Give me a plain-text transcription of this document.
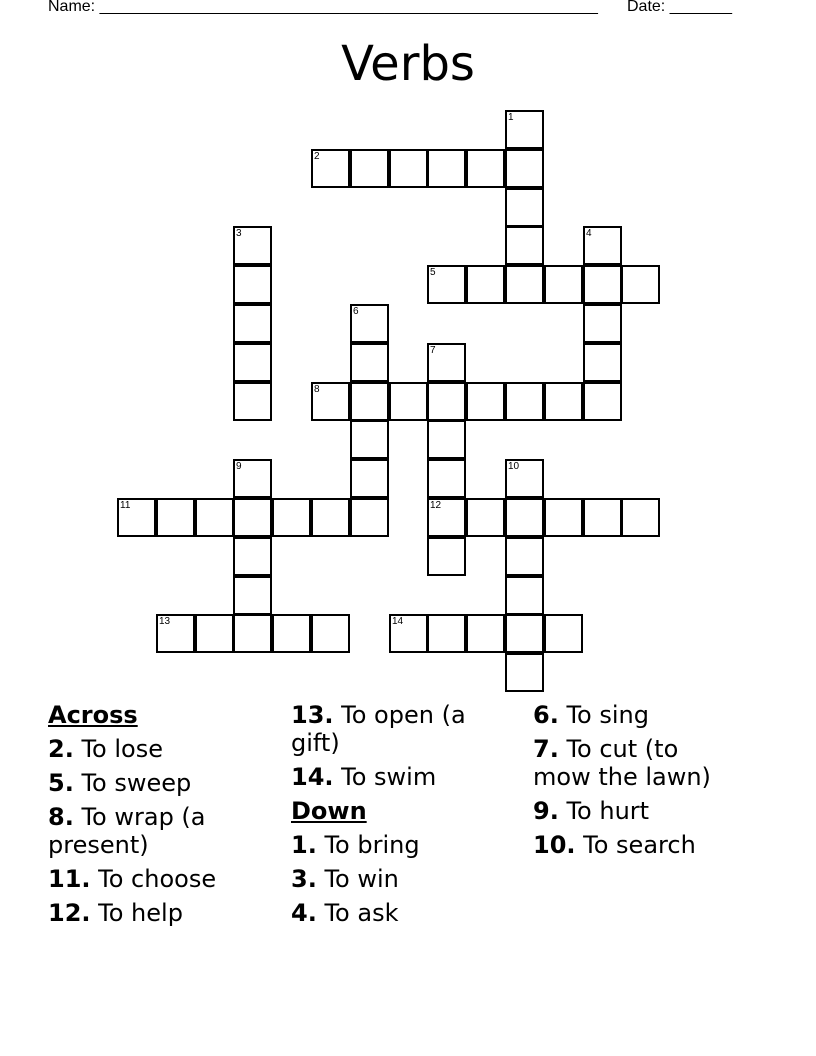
Name: ________________________________________________________ Date: _______
Verbs
1
2
3	4
5
6
7
8
9	10
11	12
13	14
Across
2. To lose
5. To sweep
8. To wrap (a present)
11. To choose
12. To help
13. To open (a gift)
14. To swim
Down
1. To bring
3. To win
4. To ask
6. To sing
7. To cut (to mow the lawn)
9. To hurt
10. To search
